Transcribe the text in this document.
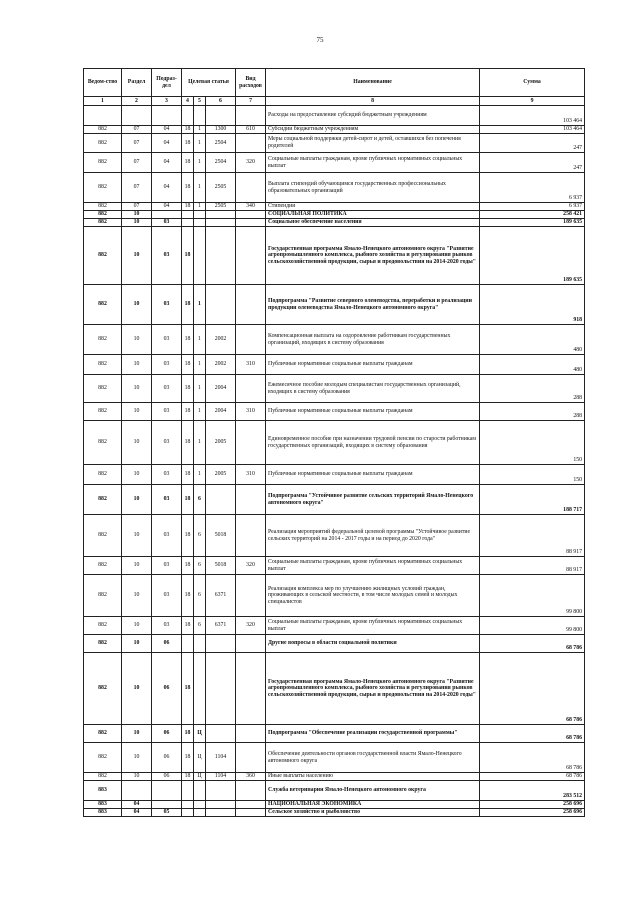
75
Ведом-ство	Раздел	Подраз-дел	Целевая статья			Вид расходов	Наименование	Сумма
1	2	3	4	5	6	7	8	9
							Расходы на предоставление субсидий бюджетным учреждениям	103 464
882	07	04	18	1	1300	610	Субсидии бюджетным учреждениям	103 464
882	07	04	18	1	2504		Меры социальной поддержки детей-сирот и детей, оставшихся без попечения родителей	247
882	07	04	18	1	2504	320	Социальные выплаты гражданам, кроме публичных нормативных социальных выплат	247
882	07	04	18	1	2505		Выплата стипендий обучающимся государственных профессиональных образовательных организаций	6 937
882	07	04	18	1	2505	340	Стипендии	6 937
882	10						СОЦИАЛЬНАЯ ПОЛИТИКА	258 421
882	10	03					Социальное обеспечение населения	189 635
882	10	03	18				Государственная программа Ямало-Ненецкого автономного округа "Развитие агропромышленного комплекса, рыбного хозяйства и регулирования рынков сельскохозяйственной продукции, сырья и продовольствия на 2014-2020 годы"	189 635
882	10	03	18	1			Подпрограмма "Развитие северного оленеводства, переработки и реализации продукции оленеводства Ямало-Ненецкого автономного округа"	918
882	10	03	18	1	2002		Компенсационная выплата на оздоровление работникам государственных организаций, входящих в систему образования	480
882	10	03	18	1	2002	310	Публичные нормативные социальные выплаты гражданам	480
882	10	03	18	1	2004		Ежемесячное пособие молодым специалистам государственных организаций, входящих в систему образования	288
882	10	03	18	1	2004	310	Публичные нормативные социальные выплаты гражданам	288
882	10	03	18	1	2005		Единовременное пособие при назначении трудовой пенсии по старости работникам государственных организаций, входящих в систему образования	150
882	10	03	18	1	2005	310	Публичные нормативные социальные выплаты гражданам	150
882	10	03	18	6			Подпрограмма "Устойчивое развитие сельских территорий Ямало-Ненецкого автономного округа"	188 717
882	10	03	18	6	5018		Реализация мероприятий федеральной целевой программы "Устойчивое развитие сельских территорий на 2014 - 2017 годы и на период до 2020 года"	88 917
882	10	03	18	6	5018	320	Социальные выплаты гражданам, кроме публичных нормативных социальных выплат	88 917
882	10	03	18	6	6371		Реализация комплекса мер по улучшению жилищных условий граждан, проживающих в сельской местности, в том числе молодых семей и молодых специалистов	99 800
882	10	03	18	6	6371	320	Социальные выплаты гражданам, кроме публичных нормативных социальных выплат	99 800
882	10	06					Другие вопросы в области социальной политики	68 786
882	10	06	18				Государственная программа Ямало-Ненецкого автономного округа "Развитие агропромышленного комплекса, рыбного хозяйства и регулирования рынков сельскохозяйственной продукции, сырья и продовольствия на 2014-2020 годы"	68 786
882	10	06	18	Ц			Подпрограмма "Обеспечение реализации государственной программы"	68 786
882	10	06	18	Ц	1104		Обеспечение деятельности органов государственной власти Ямало-Ненецкого автономного округа	68 786
882	10	06	18	Ц	1104	360	Иные выплаты населению	68 786
883							Служба ветеринарии Ямало-Ненецкого автономного округа	283 512
883	04						НАЦИОНАЛЬНАЯ ЭКОНОМИКА	258 696
883	04	05					Сельское хозяйство и рыболовство	258 696
